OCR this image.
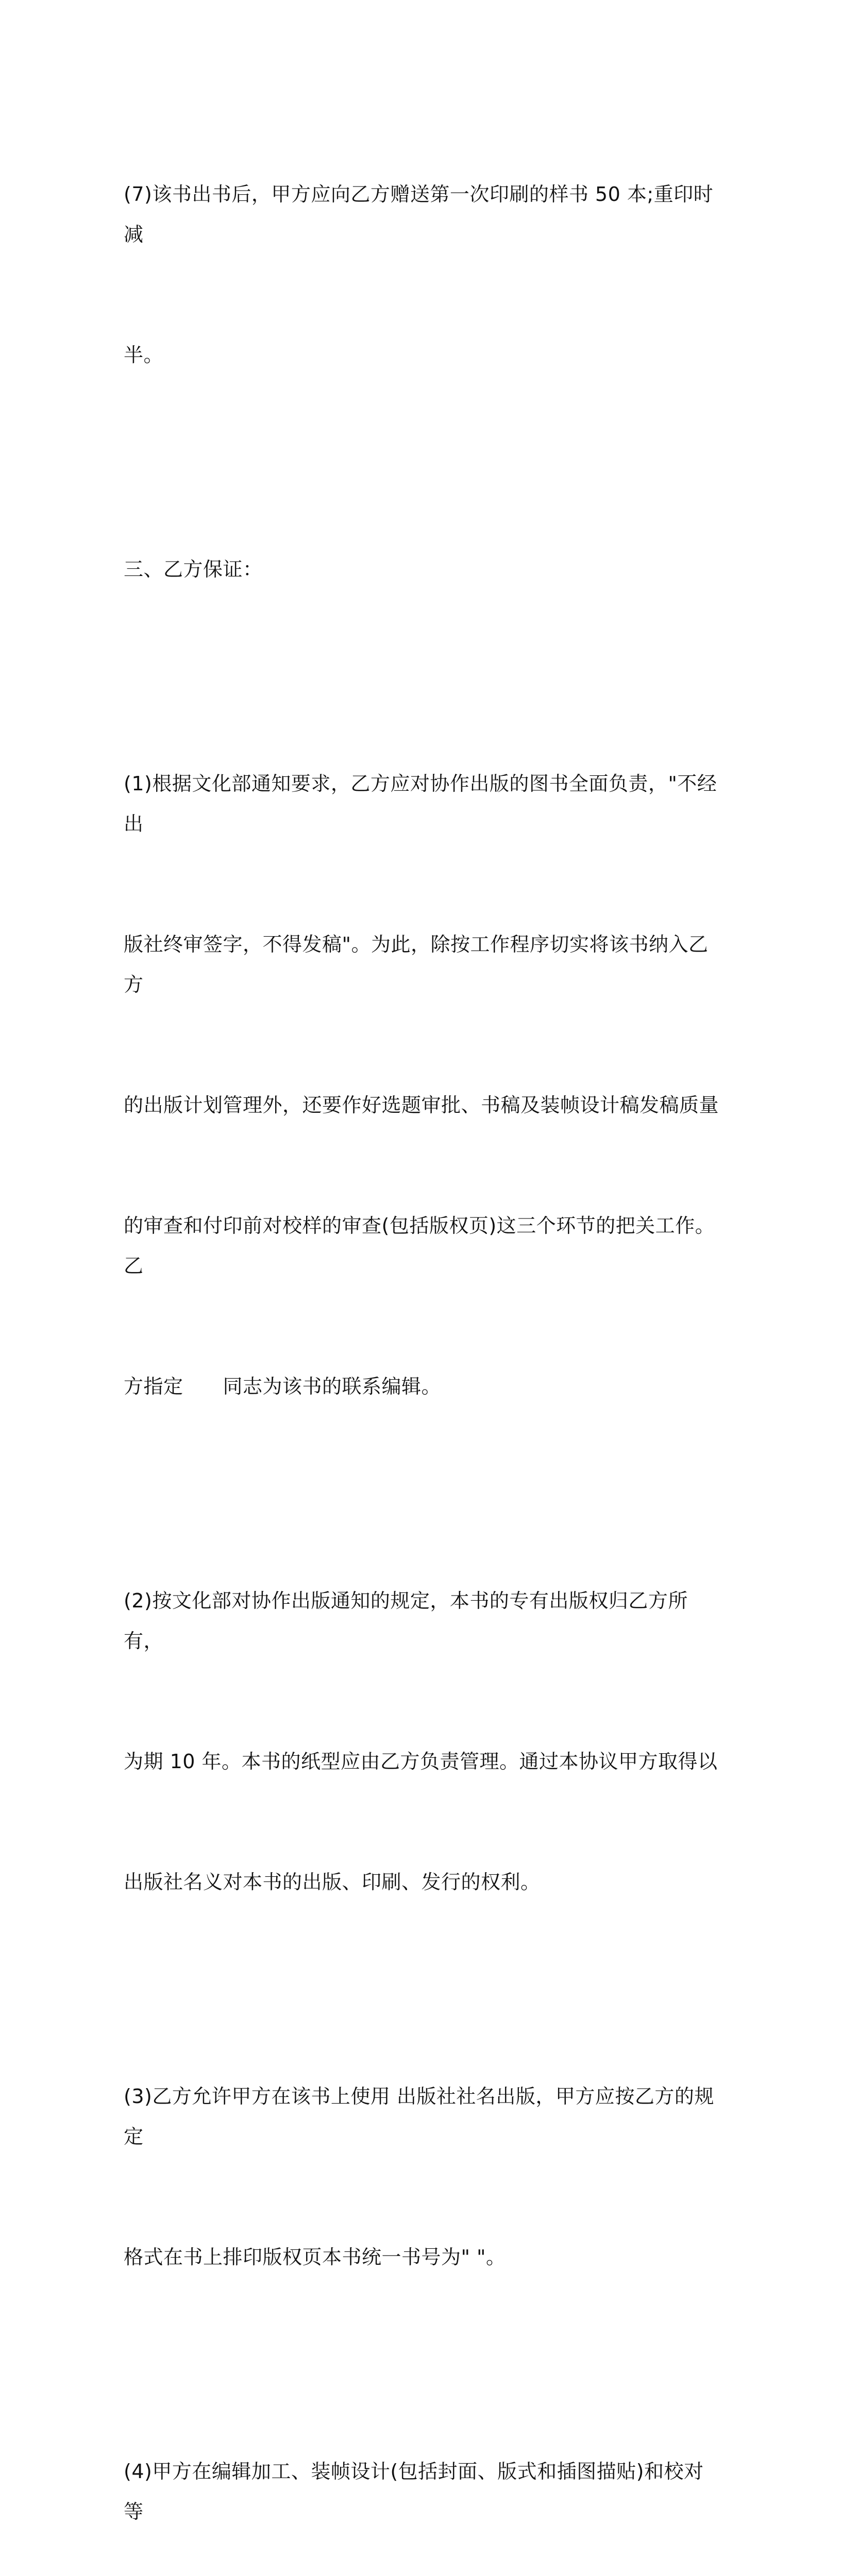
(7)该书出书后，甲方应向乙方赠送第一次印刷的样书 50 本;重印时减

半。

三、乙方保证：

(1)根据文化部通知要求，乙方应对协作出版的图书全面负责，"不经出

版社终审签字，不得发稿"。为此，除按工作程序切实将该书纳入乙方

的出版计划管理外，还要作好选题审批、书稿及装帧设计稿发稿质量

的审查和付印前对校样的审查(包括版权页)这三个环节的把关工作。乙

方指定　　同志为该书的联系编辑。

(2)按文化部对协作出版通知的规定，本书的专有出版权归乙方所有，

为期 10 年。本书的纸型应由乙方负责管理。通过本协议甲方取得以

出版社名义对本书的出版、印刷、发行的权利。

(3)乙方允许甲方在该书上使用 出版社社名出版，甲方应按乙方的规定

格式在书上排印版权页本书统一书号为" "。

(4)甲方在编辑加工、装帧设计(包括封面、版式和插图描贴)和校对等
